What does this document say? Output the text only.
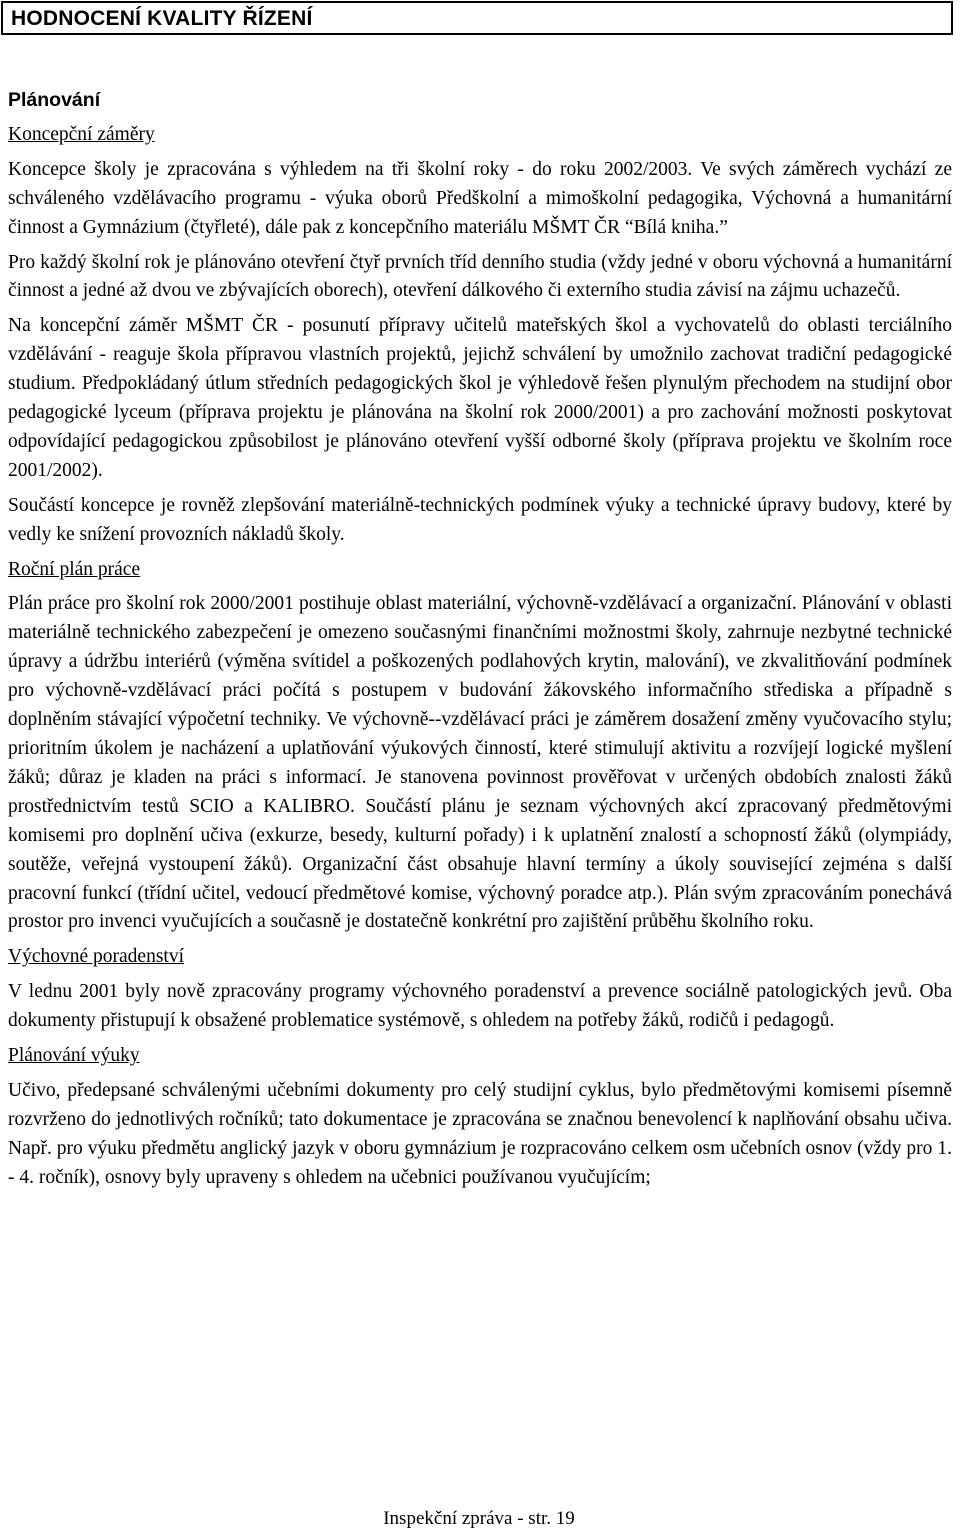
HODNOCENÍ KVALITY ŘÍZENÍ
Plánování
Koncepční záměry

Koncepce školy je zpracována s výhledem na tři školní roky - do roku 2002/2003. Ve svých záměrech vychází ze schváleného vzdělávacího programu - výuka oborů Předškolní a mimoškolní pedagogika, Výchovná a humanitární činnost a Gymnázium (čtyřleté), dále pak z koncepčního materiálu MŠMT ČR “Bílá kniha.”

Pro každý školní rok je plánováno otevření čtyř prvních tříd denního studia (vždy jedné v oboru výchovná a humanitární činnost a jedné až dvou ve zbývajících oborech), otevření dálkového či externího studia závisí na zájmu uchazečů.

Na koncepční záměr MŠMT ČR - posunutí přípravy učitelů mateřských škol a vychovatelů do oblasti terciálního vzdělávání - reaguje škola přípravou vlastních projektů, jejichž schválení by umožnilo zachovat tradiční pedagogické studium. Předpokládaný útlum středních pedagogických škol je výhledově řešen plynulým přechodem na studijní obor pedagogické lyceum (příprava projektu je plánována na školní rok 2000/2001) a pro zachování možnosti poskytovat odpovídající pedagogickou způsobilost je plánováno otevření vyšší odborné školy (příprava projektu ve školním roce 2001/2002).

Součástí koncepce je rovněž zlepšování materiálně-technických podmínek výuky a technické úpravy budovy, které by vedly ke snížení provozních nákladů školy.

Roční plán práce

Plán práce pro školní rok 2000/2001 postihuje oblast materiální, výchovně-vzdělávací a organizační. Plánování v oblasti materiálně technického zabezpečení je omezeno současnými finančními možnostmi školy, zahrnuje nezbytné technické úpravy a údržbu interiérů (výměna svítidel a poškozených podlahových krytin, malování), ve zkvalitňování podmínek pro výchovně-vzdělávací práci počítá s postupem v budování žákovského informačního střediska a případně s doplněním stávající výpočetní techniky. Ve výchovně--vzdělávací práci je záměrem dosažení změny vyučovacího stylu; prioritním úkolem je nacházení a uplatňování výukových činností, které stimulují aktivitu a rozvíjejí logické myšlení žáků; důraz je kladen na práci s informací. Je stanovena povinnost prověřovat v určených obdobích znalosti žáků prostřednictvím testů SCIO a KALIBRO. Součástí plánu je seznam výchovných akcí zpracovaný předmětovými komisemi pro doplnění učiva (exkurze, besedy, kulturní pořady) i k uplatnění znalostí a schopností žáků (olympiády, soutěže, veřejná vystoupení žáků). Organizační část obsahuje hlavní termíny a úkoly související zejména s další pracovní funkcí (třídní učitel, vedoucí předmětové komise, výchovný poradce atp.). Plán svým zpracováním ponechává prostor pro invenci vyučujících a současně je dostatečně konkrétní pro zajištění průběhu školního roku.

Výchovné poradenství

V lednu 2001 byly nově zpracovány programy výchovného poradenství a prevence sociálně patologických jevů. Oba dokumenty přistupují k obsažené problematice systémově, s ohledem na potřeby žáků, rodičů i pedagogů.

Plánování výuky

Učivo, předepsané schválenými učebními dokumenty pro celý studijní cyklus, bylo předmětovými komisemi písemně rozvrženo do jednotlivých ročníků; tato dokumentace je zpracována se značnou benevolencí k naplňování obsahu učiva. Např. pro výuku předmětu anglický jazyk v oboru gymnázium je rozpracováno celkem osm učebních osnov (vždy pro 1. - 4. ročník), osnovy byly upraveny s ohledem na učebnici používanou vyučujícím;

Inspekční zpráva - str. 19
